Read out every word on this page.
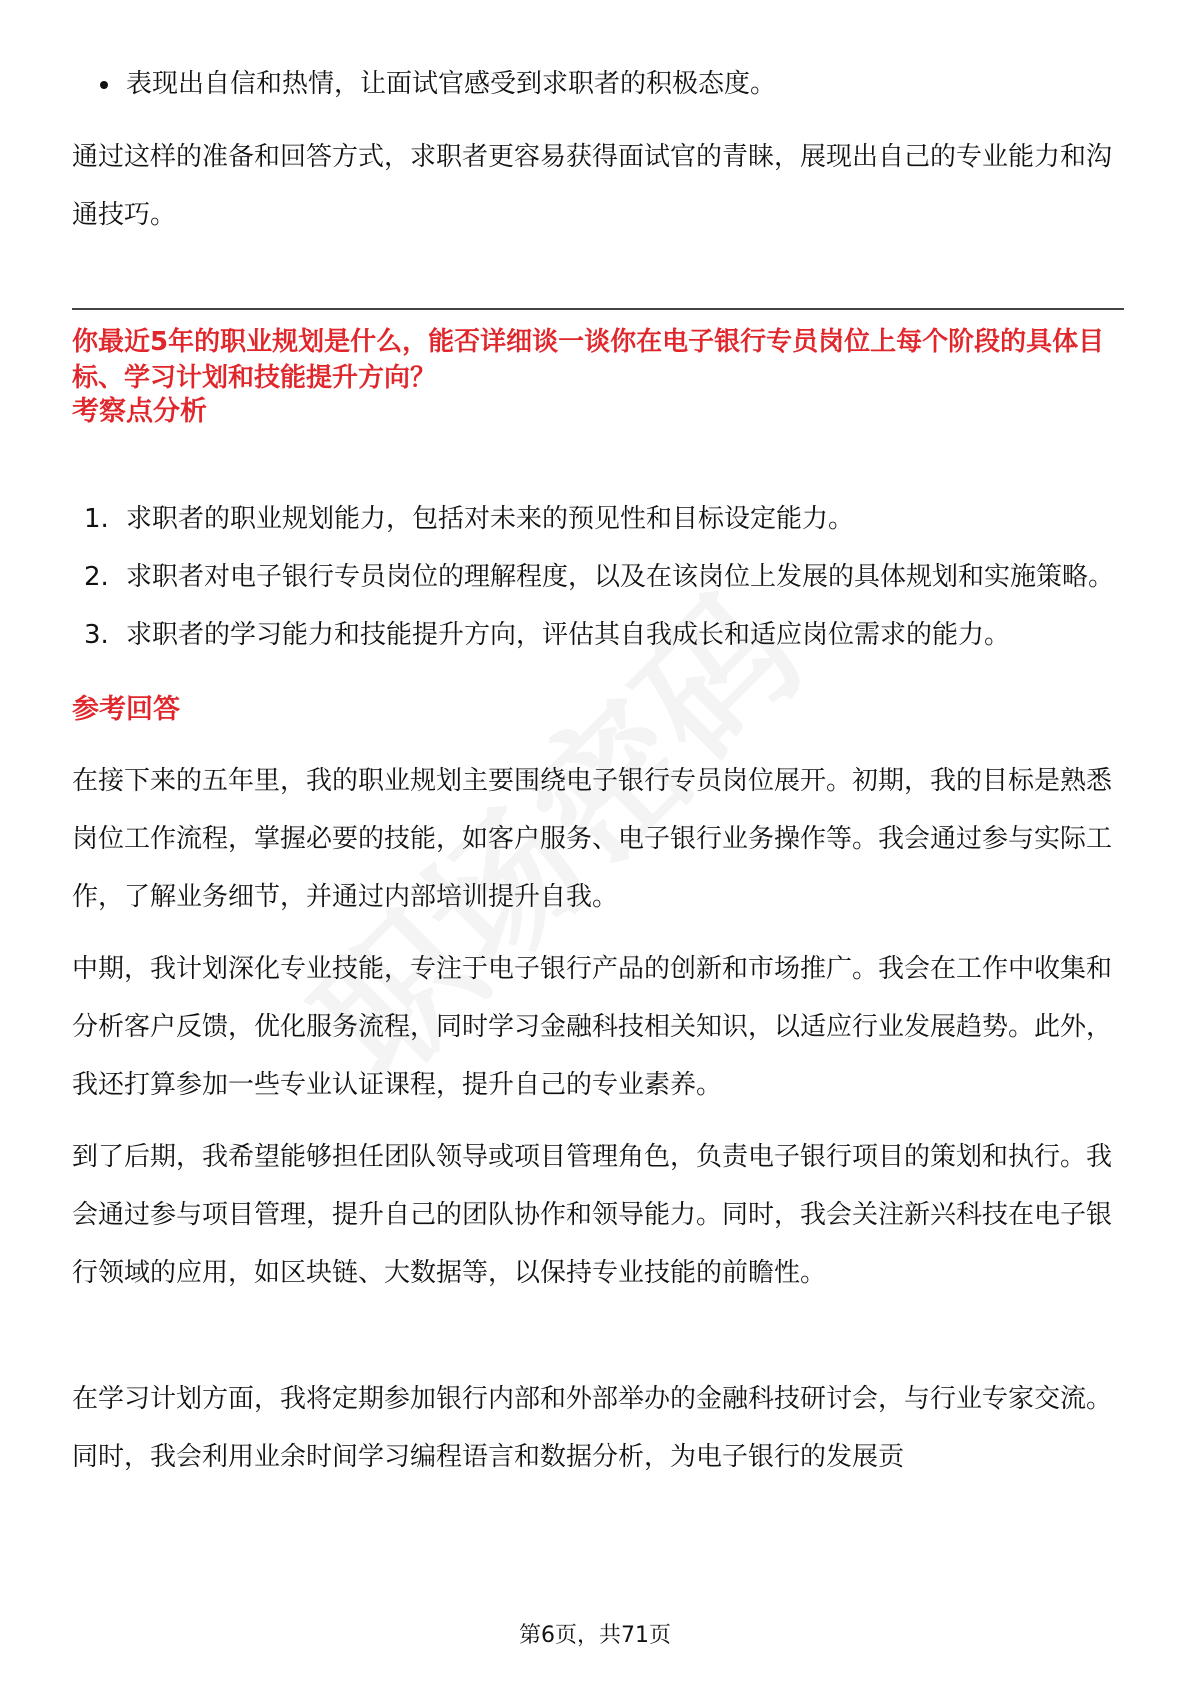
表现出自信和热情，让面试官感受到求职者的积极态度。

通过这样的准备和回答方式，求职者更容易获得面试官的青睐，展现出自己的专业能力和沟通技巧。

你最近5年的职业规划是什么，能否详细谈一谈你在电子银行专员岗位上每个阶段的具体目标、学习计划和技能提升方向？

考察点分析

1. 求职者的职业规划能力，包括对未来的预见性和目标设定能力。
2. 求职者对电子银行专员岗位的理解程度，以及在该岗位上发展的具体规划和实施策略。
3. 求职者的学习能力和技能提升方向，评估其自我成长和适应岗位需求的能力。

参考回答

在接下来的五年里，我的职业规划主要围绕电子银行专员岗位展开。初期，我的目标是熟悉岗位工作流程，掌握必要的技能，如客户服务、电子银行业务操作等。我会通过参与实际工作，了解业务细节，并通过内部培训提升自我。

中期，我计划深化专业技能，专注于电子银行产品的创新和市场推广。我会在工作中收集和分析客户反馈，优化服务流程，同时学习金融科技相关知识，以适应行业发展趋势。此外，我还打算参加一些专业认证课程，提升自己的专业素养。

到了后期，我希望能够担任团队领导或项目管理角色，负责电子银行项目的策划和执行。我会通过参与项目管理，提升自己的团队协作和领导能力。同时，我会关注新兴科技在电子银行领域的应用，如区块链、大数据等，以保持专业技能的前瞻性。

在学习计划方面，我将定期参加银行内部和外部举办的金融科技研讨会，与行业专家交流。同时，我会利用业余时间学习编程语言和数据分析，为电子银行的发展贡

第6页，共71页
